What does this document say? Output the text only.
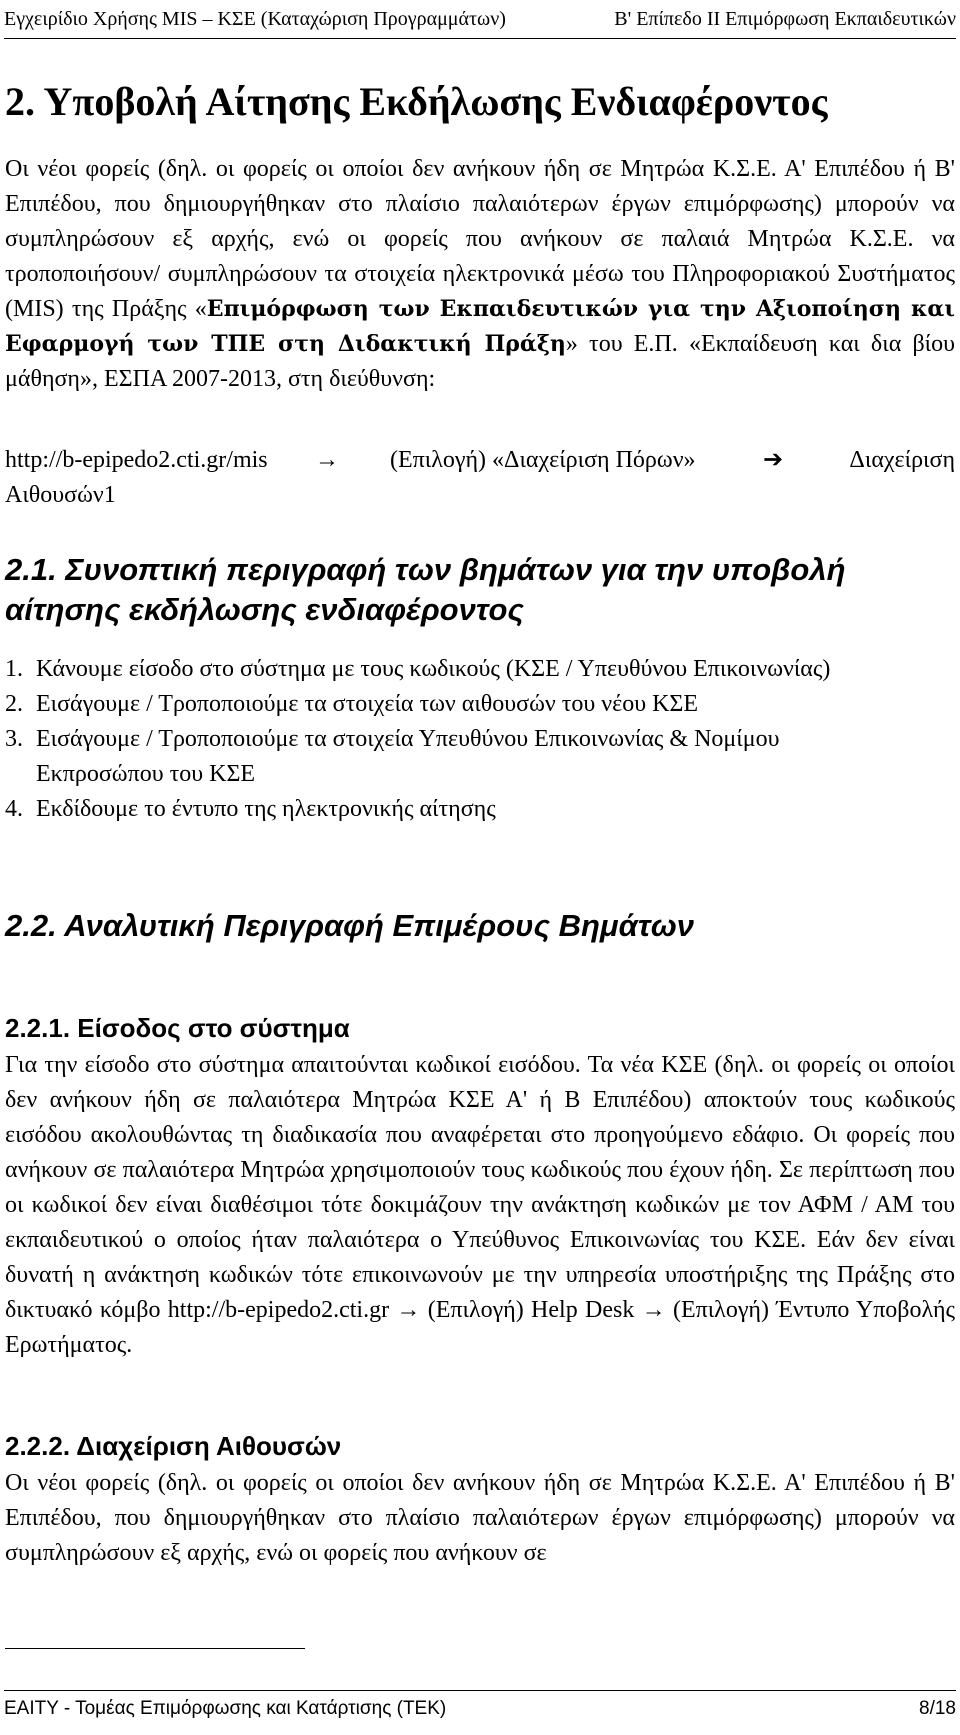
Εγχειρίδιο Χρήσης MIS – ΚΣΕ (Καταχώριση Προγραμμάτων)	Β' Επίπεδο ΙΙ Επιμόρφωση Εκπαιδευτικών
2. Υποβολή Αίτησης Εκδήλωσης Ενδιαφέροντος

Οι νέοι φορείς (δηλ. οι φορείς οι οποίοι δεν ανήκουν ήδη σε Μητρώα Κ.Σ.Ε. Α' Επιπέδου ή Β' Επιπέδου, που δημιουργήθηκαν στο πλαίσιο παλαιότερων έργων επιμόρφωσης) μπορούν να συμπληρώσουν εξ αρχής, ενώ οι φορείς που ανήκουν σε παλαιά Μητρώα Κ.Σ.Ε. να τροποποιήσουν/ συμπληρώσουν τα στοιχεία ηλεκτρονικά μέσω του Πληροφοριακού Συστήματος (MIS) της Πράξης «Επιμόρφωση των Εκπαιδευτικών για την Αξιοποίηση και Εφαρμογή των ΤΠΕ στη Διδακτική Πράξη» του Ε.Π. «Εκπαίδευση και δια βίου μάθηση», ΕΣΠΑ 2007-2013, στη διεύθυνση:

http://b-epipedo2.cti.gr/mis → (Επιλογή) «Διαχείριση Πόρων»	➔	Διαχείριση
Αιθουσών1
2.1. Συνοπτική περιγραφή των βημάτων για την υποβολή αίτησης εκδήλωσης ενδιαφέροντος
1. Κάνουμε είσοδο στο σύστημα με τους κωδικούς (ΚΣΕ / Υπευθύνου Επικοινωνίας)
2. Εισάγουμε / Τροποποιούμε τα στοιχεία των αιθουσών του νέου ΚΣΕ
3. Εισάγουμε / Τροποποιούμε τα στοιχεία Υπευθύνου Επικοινωνίας & Νομίμου Εκπροσώπου του ΚΣΕ
4. Εκδίδουμε το έντυπο της ηλεκτρονικής αίτησης
2.2. Αναλυτική Περιγραφή Επιμέρους Βημάτων
2.2.1. Είσοδος στο σύστημα

Για την είσοδο στο σύστημα απαιτούνται κωδικοί εισόδου. Τα νέα ΚΣΕ (δηλ. οι φορείς οι οποίοι δεν ανήκουν ήδη σε παλαιότερα Μητρώα ΚΣΕ Α' ή Β Επιπέδου) αποκτούν τους κωδικούς εισόδου ακολουθώντας τη διαδικασία που αναφέρεται στο προηγούμενο εδάφιο. Οι φορείς που ανήκουν σε παλαιότερα Μητρώα χρησιμοποιούν τους κωδικούς που έχουν ήδη. Σε περίπτωση που οι κωδικοί δεν είναι διαθέσιμοι τότε δοκιμάζουν την ανάκτηση κωδικών με τον ΑΦΜ / ΑΜ του εκπαιδευτικού ο οποίος ήταν παλαιότερα ο Υπεύθυνος Επικοινωνίας του ΚΣΕ. Εάν δεν είναι δυνατή η ανάκτηση κωδικών τότε επικοινωνούν με την υπηρεσία υποστήριξης της Πράξης στο δικτυακό κόμβο http://b-epipedo2.cti.gr → (Επιλογή) Help Desk → (Επιλογή) Έντυπο Υποβολής Ερωτήματος.

2.2.2. Διαχείριση Αιθουσών

Οι νέοι φορείς (δηλ. οι φορείς οι οποίοι δεν ανήκουν ήδη σε Μητρώα Κ.Σ.Ε. Α' Επιπέδου ή Β' Επιπέδου, που δημιουργήθηκαν στο πλαίσιο παλαιότερων έργων επιμόρφωσης) μπορούν να συμπληρώσουν εξ αρχής, ενώ οι φορείς που ανήκουν σε

ΕΑΙΤΥ - Τομέας Επιμόρφωσης και Κατάρτισης (ΤΕΚ)	8/18
